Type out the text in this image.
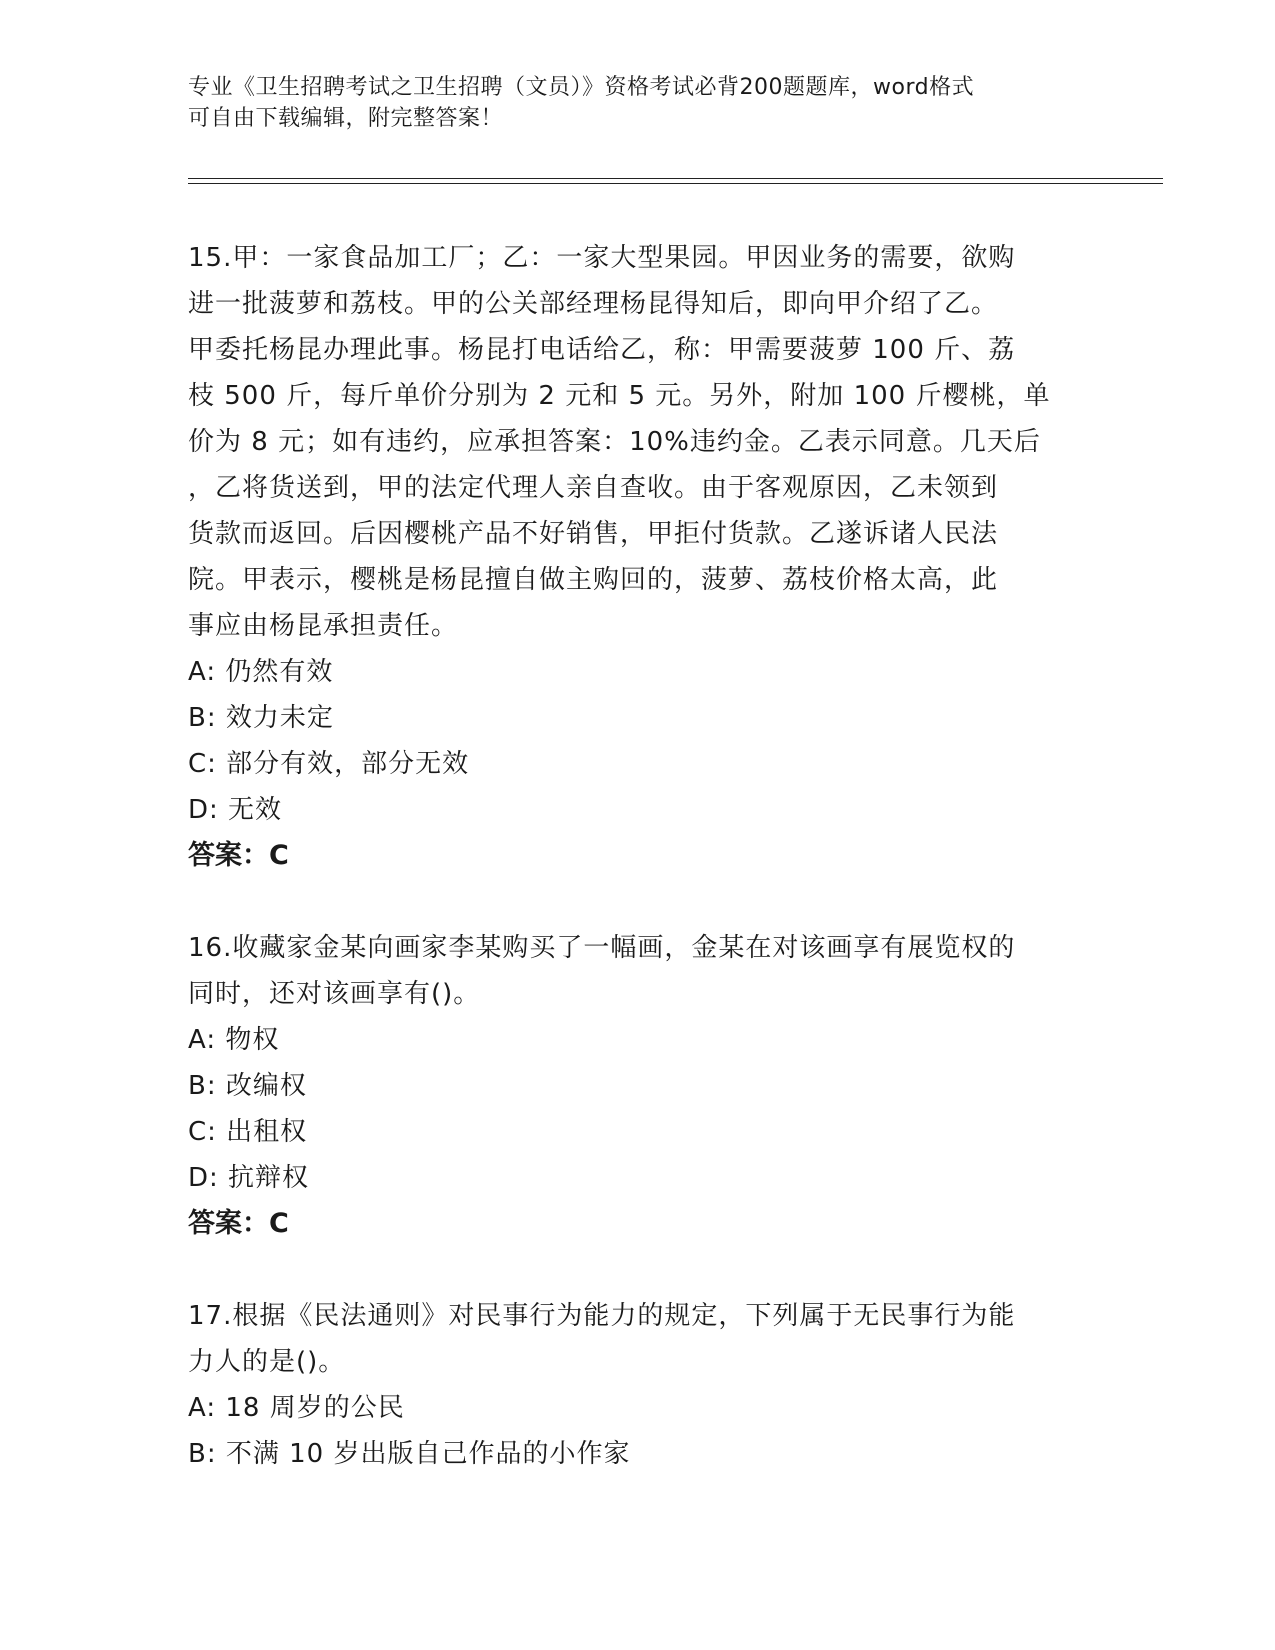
专业《卫生招聘考试之卫生招聘（文员）》资格考试必背200题题库，word格式
可自由下载编辑，附完整答案！

15.甲：一家食品加工厂；乙：一家大型果园。甲因业务的需要，欲购

进一批菠萝和荔枝。甲的公关部经理杨昆得知后，即向甲介绍了乙。

甲委托杨昆办理此事。杨昆打电话给乙，称：甲需要菠萝 100 斤、荔

枝 500 斤，每斤单价分别为 2 元和 5 元。另外，附加 100 斤樱桃，单

价为 8 元；如有违约，应承担答案：10%违约金。乙表示同意。几天后

，乙将货送到，甲的法定代理人亲自查收。由于客观原因，乙未领到

货款而返回。后因樱桃产品不好销售，甲拒付货款。乙遂诉诸人民法

院。甲表示，樱桃是杨昆擅自做主购回的，菠萝、荔枝价格太高，此

事应由杨昆承担责任。

A: 仍然有效

B: 效力未定

C: 部分有效，部分无效

D: 无效

答案：C

16.收藏家金某向画家李某购买了一幅画，金某在对该画享有展览权的

同时，还对该画享有()。

A: 物权

B: 改编权

C: 出租权

D: 抗辩权

答案：C

17.根据《民法通则》对民事行为能力的规定，下列属于无民事行为能

力人的是()。

A: 18 周岁的公民

B: 不满 10 岁出版自己作品的小作家
